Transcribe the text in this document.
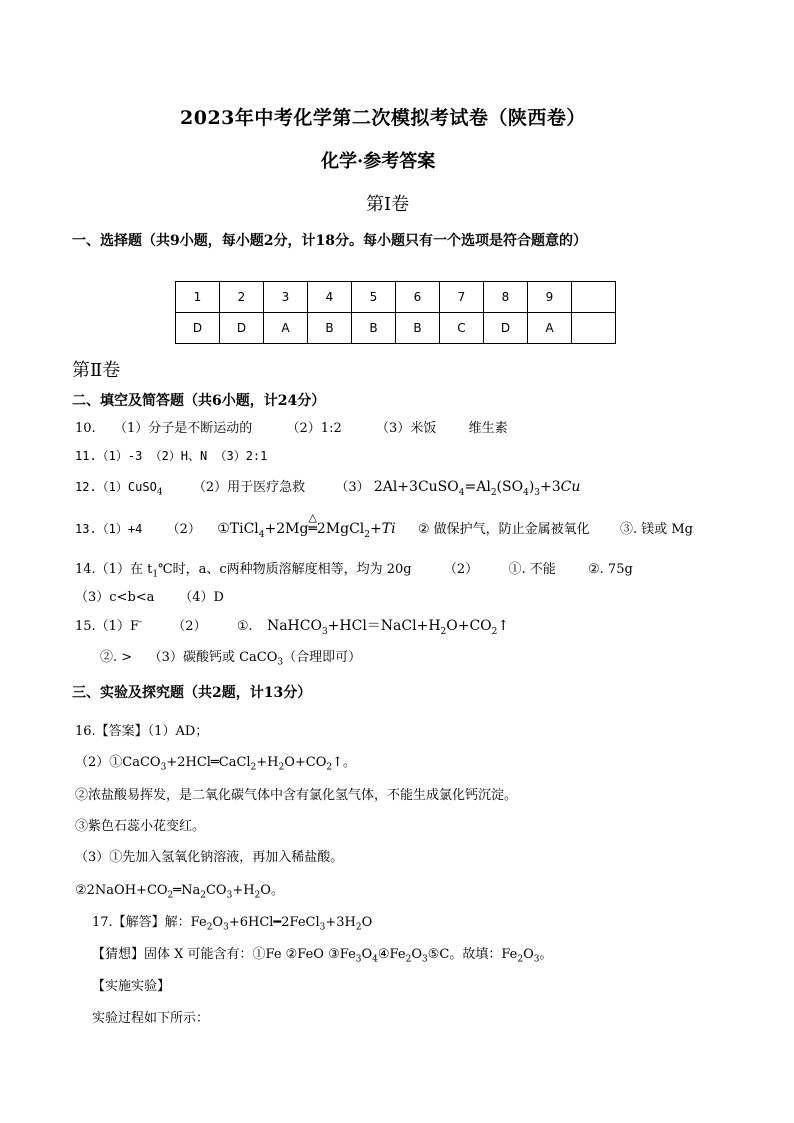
2023年中考化学第二次模拟考试卷（陕西卷）
化学·参考答案
第Ⅰ卷
一、选择题（共9小题，每小题2分，计18分。每小题只有一个选项是符合题意的）
1	2	3	4	5	6	7	8	9	
D	D	A	B	B	B	C	D	A	
第Ⅱ卷
二、填空及简答题（共6小题，计24分）
10. （1）分子是不断运动的	（2）1:2	（3）米饭 维生素
11.（1）-3 （2）H、N （3）2:1
12.（1）CuSO$_4$ （2）用于医疗急救 （3） $2Al+3CuSO_4=Al_2(SO_4)_3+3Cu$
13.（1）+4 （2） ①TiCl$_4$+2Mg
△
═2MgCl$_2$+Ti ② 做保护气，防止金属被氧化 ③. 镁或 Mg
14.（1）在 $t_1℃$时，a、c两种物质溶解度相等，均为 20g （2） ①. 不能 ②. 75g
（3）c<b<a      （4）D
15.（1）F- （2） ①. $NaHCO_3+HCl=NaCl+H_2O+CO_2↑$
②. >    （3）碳酸钙或 CaCO$_3$（合理即可）
三、实验及探究题（共2题，计13分）
16.【答案】（1）AD；
$(2)①CaCO_3+2HCl═CaCl_2+H_2O+CO_2↑$。
②浓盐酸易挥发，是二氧化碳气体中含有氯化氢气体，不能生成氯化钙沉淀。
③紫色石蕊小花变红。
（3）①先加入氢氧化钠溶液，再加入稀盐酸。
$②2NaOH+CO_2═Na_2CO_3+H_2O$。
17.【解答】解：$Fe_2O_3+6HCl━2FeCl_3+3H_2O$
【猜想】固体 X 可能含有：①Fe ②FeO $③Fe_3O_4④Fe_2O_3⑤C$。故填：$Fe_2O_3$。
【实施实验】
实验过程如下所示：
